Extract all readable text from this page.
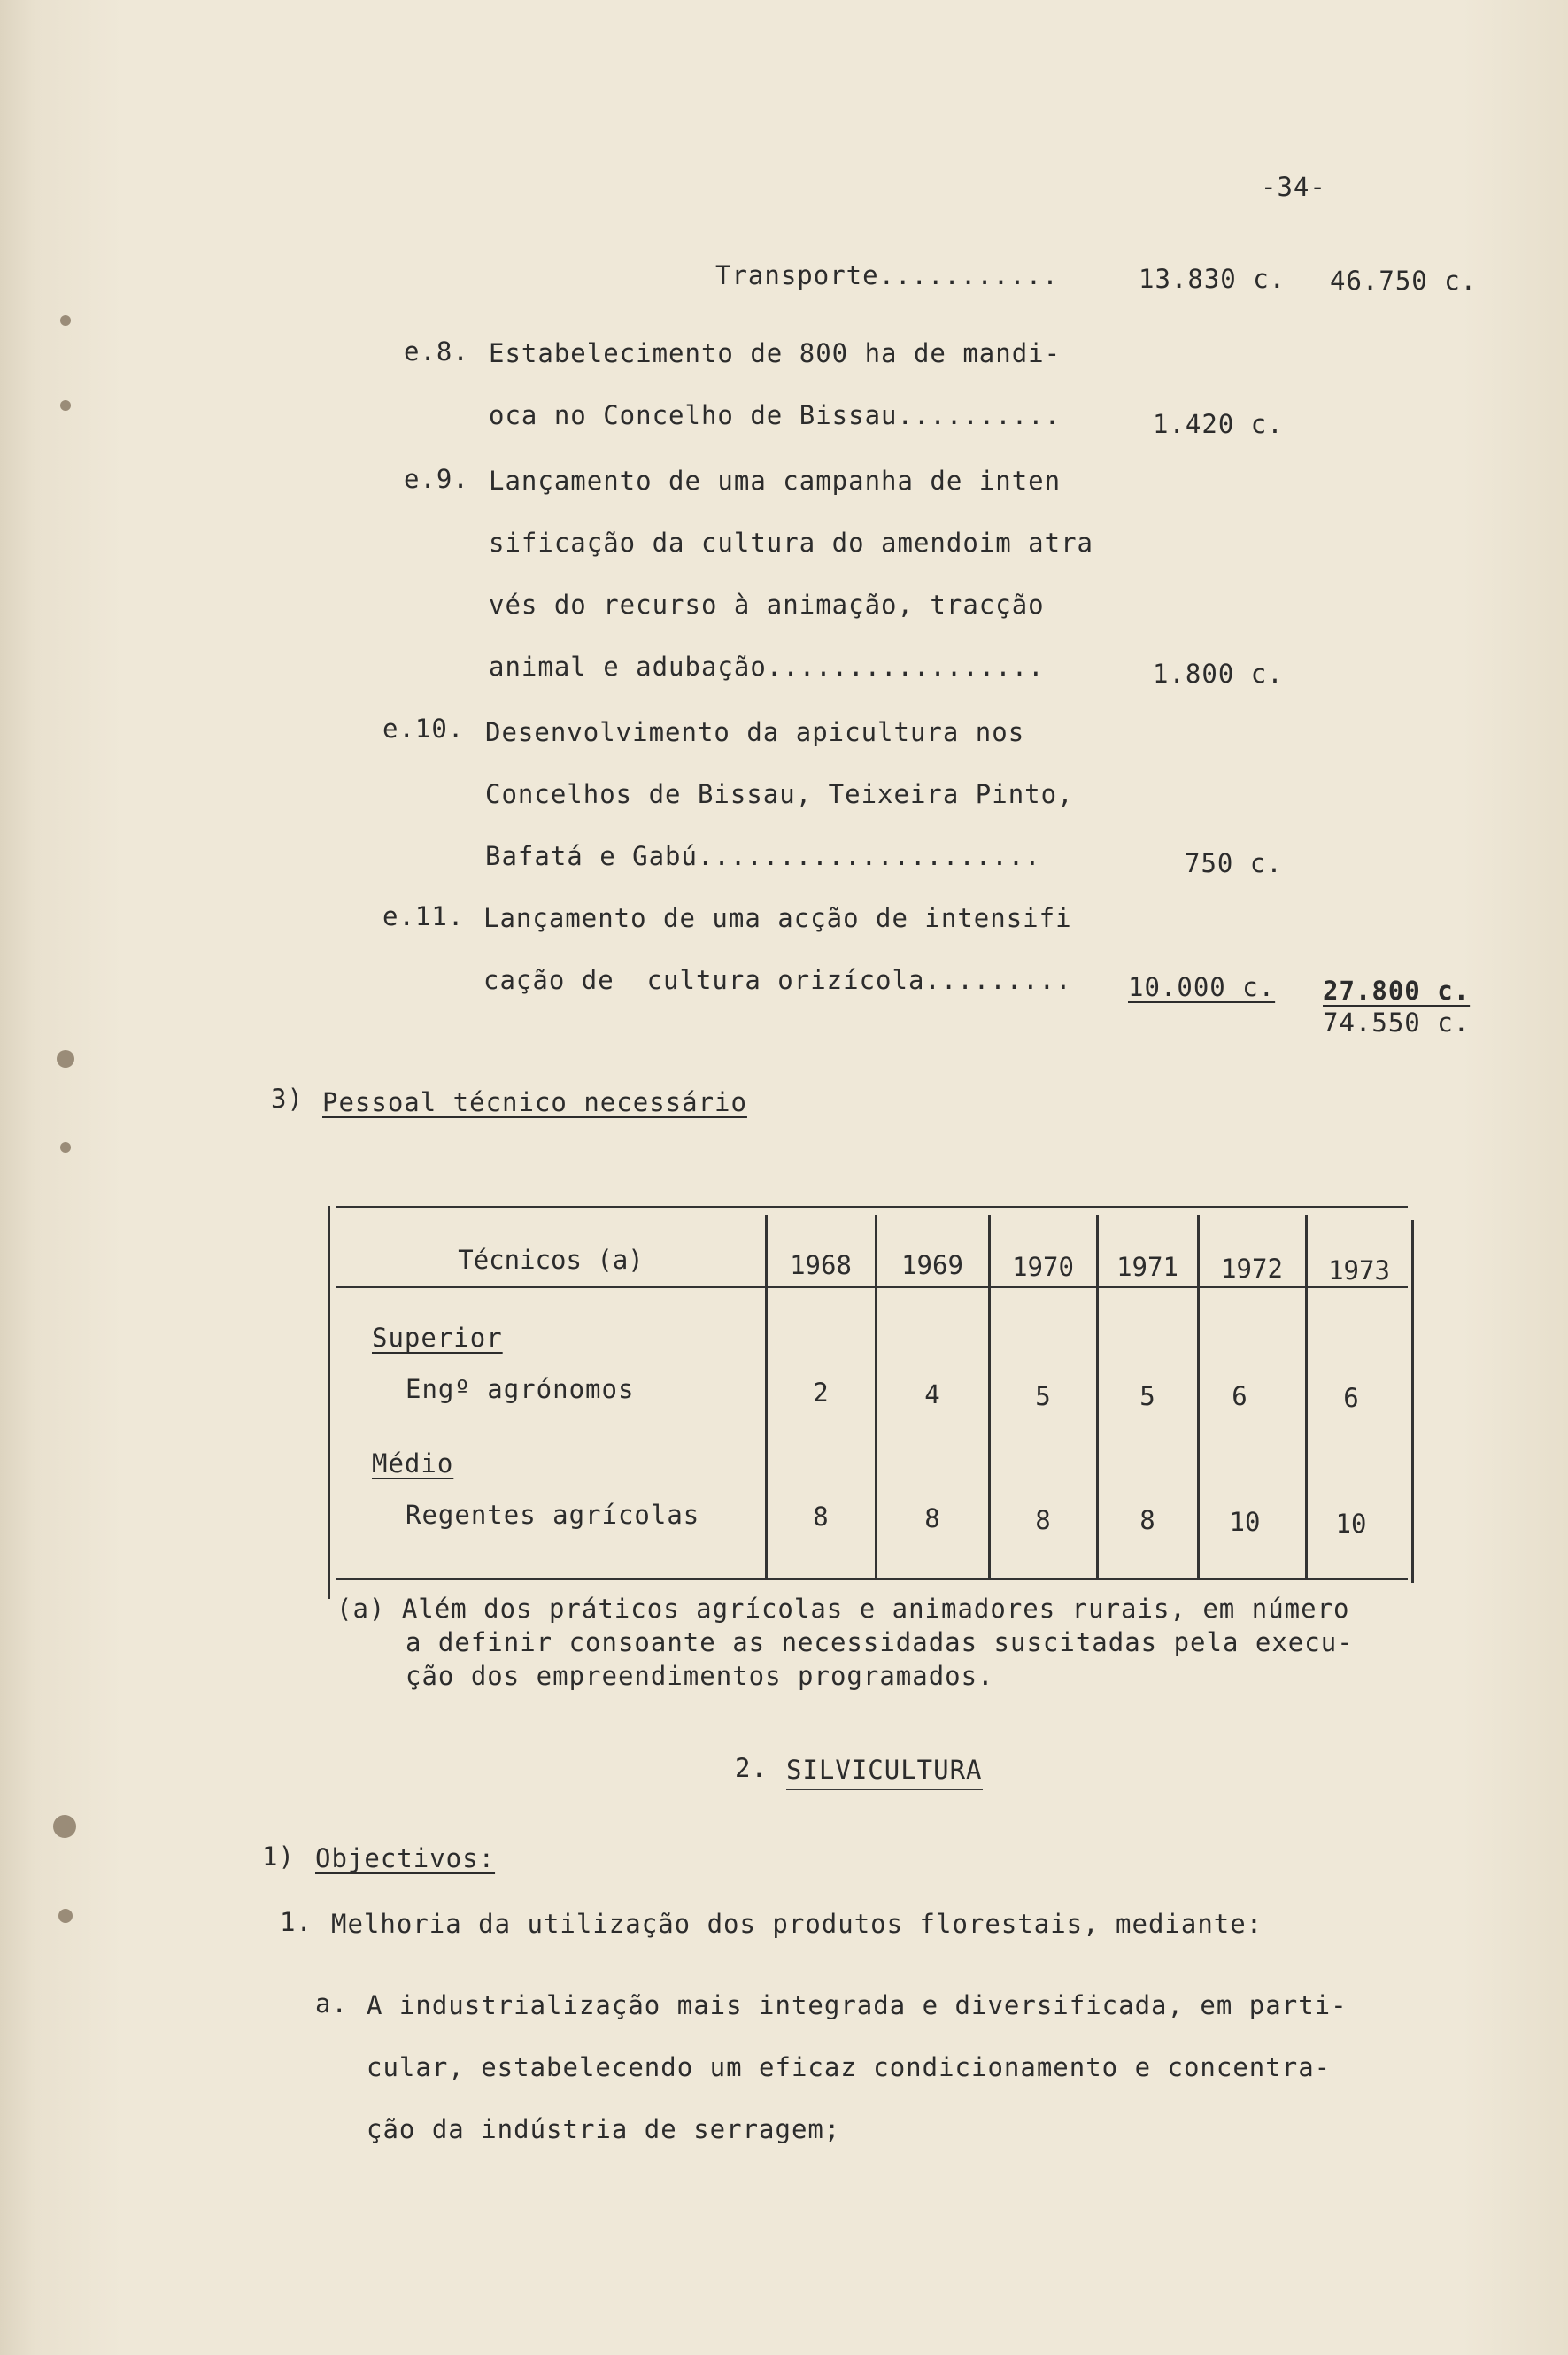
-34-
Transporte...........	13.830 c. 46.750 c.
e.8. Estabelecimento de 800 ha de mandi-
oca no Concelho de Bissau..........	1.420 c.
e.9. Lançamento de uma campanha de inten
sificação da cultura do amendoim atra
vés do recurso à animação, tracção
animal e adubação.................	1.800 c.
e.10. Desenvolvimento da apicultura nos
Concelhos de Bissau, Teixeira Pinto,
Bafatá e Gabú.....................	750 c.
e.11. Lançamento de uma acção de intensifi
cação de  cultura orizícola......... 10.000 c. 27.800 c.
74.550 c.
3) Pessoal técnico necessário
Técnicos (a)	1968	1969	1970	1971	1972	1973
Superior
Engº agrónomos	2	4	5	5	6	6
Médio
Regentes agrícolas	8	8	8	8	10	10
(a) Além dos práticos agrícolas e animadores rurais, em número
a definir consoante as necessidadas suscitadas pela execu-
ção dos empreendimentos programados.
2. SILVICULTURA
1) Objectivos:
1. Melhoria da utilização dos produtos florestais, mediante:
a. A industrialização mais integrada e diversificada, em parti-
cular, estabelecendo um eficaz condicionamento e concentra-
ção da indústria de serragem;
